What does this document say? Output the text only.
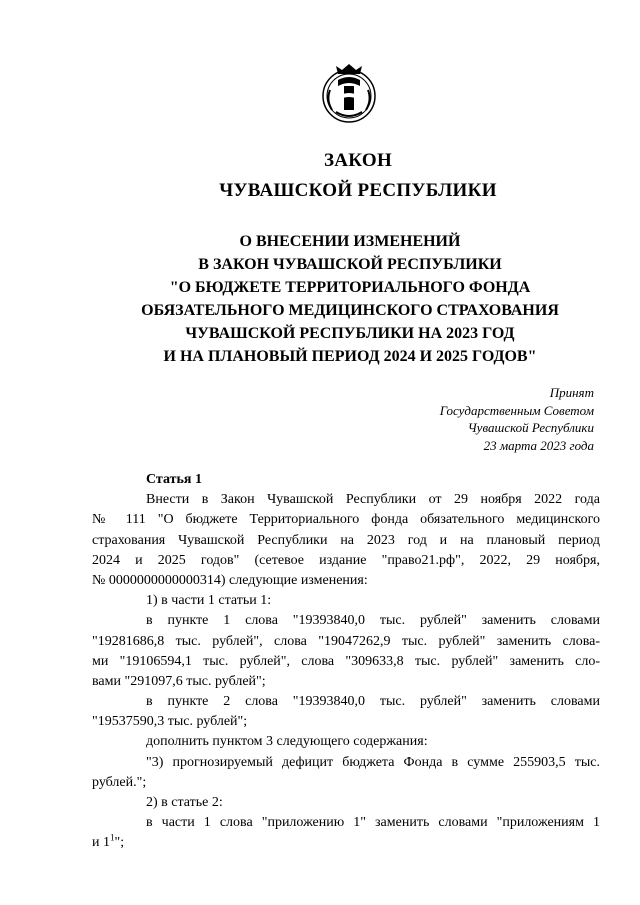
ЗАКОН
ЧУВАШСКОЙ РЕСПУБЛИКИ
О ВНЕСЕНИИ ИЗМЕНЕНИЙ
В ЗАКОН ЧУВАШСКОЙ РЕСПУБЛИКИ
"О БЮДЖЕТЕ ТЕРРИТОРИАЛЬНОГО ФОНДА
ОБЯЗАТЕЛЬНОГО МЕДИЦИНСКОГО СТРАХОВАНИЯ
ЧУВАШСКОЙ РЕСПУБЛИКИ НА 2023 ГОД
И НА ПЛАНОВЫЙ ПЕРИОД 2024 И 2025 ГОДОВ"
Принят
Государственным Советом
Чувашской Республики
23 марта 2023 года
Статья 1
Внести в Закон Чувашской Республики от 29 ноября 2022 года
№ 111 "О бюджете Территориального фонда обязательного медицинского
страхования Чувашской Республики на 2023 год и на плановый период
2024 и 2025 годов" (сетевое издание "право21.рф", 2022, 29 ноября,
№ 0000000000000314) следующие изменения:
1) в части 1 статьи 1:
в пункте 1 слова "19393840,0 тыс. рублей" заменить словами
"19281686,8 тыс. рублей", слова "19047262,9 тыс. рублей" заменить слова-
ми "19106594,1 тыс. рублей", слова "309633,8 тыс. рублей" заменить сло-
вами "291097,6 тыс. рублей";
в пункте 2 слова "19393840,0 тыс. рублей" заменить словами
"19537590,3 тыс. рублей";
дополнить пунктом 3 следующего содержания:
"3) прогнозируемый дефицит бюджета Фонда в сумме 255903,5 тыс.
рублей.";
2) в статье 2:
в части 1 слова "приложению 1" заменить словами "приложениям 1
и $1^1$";
